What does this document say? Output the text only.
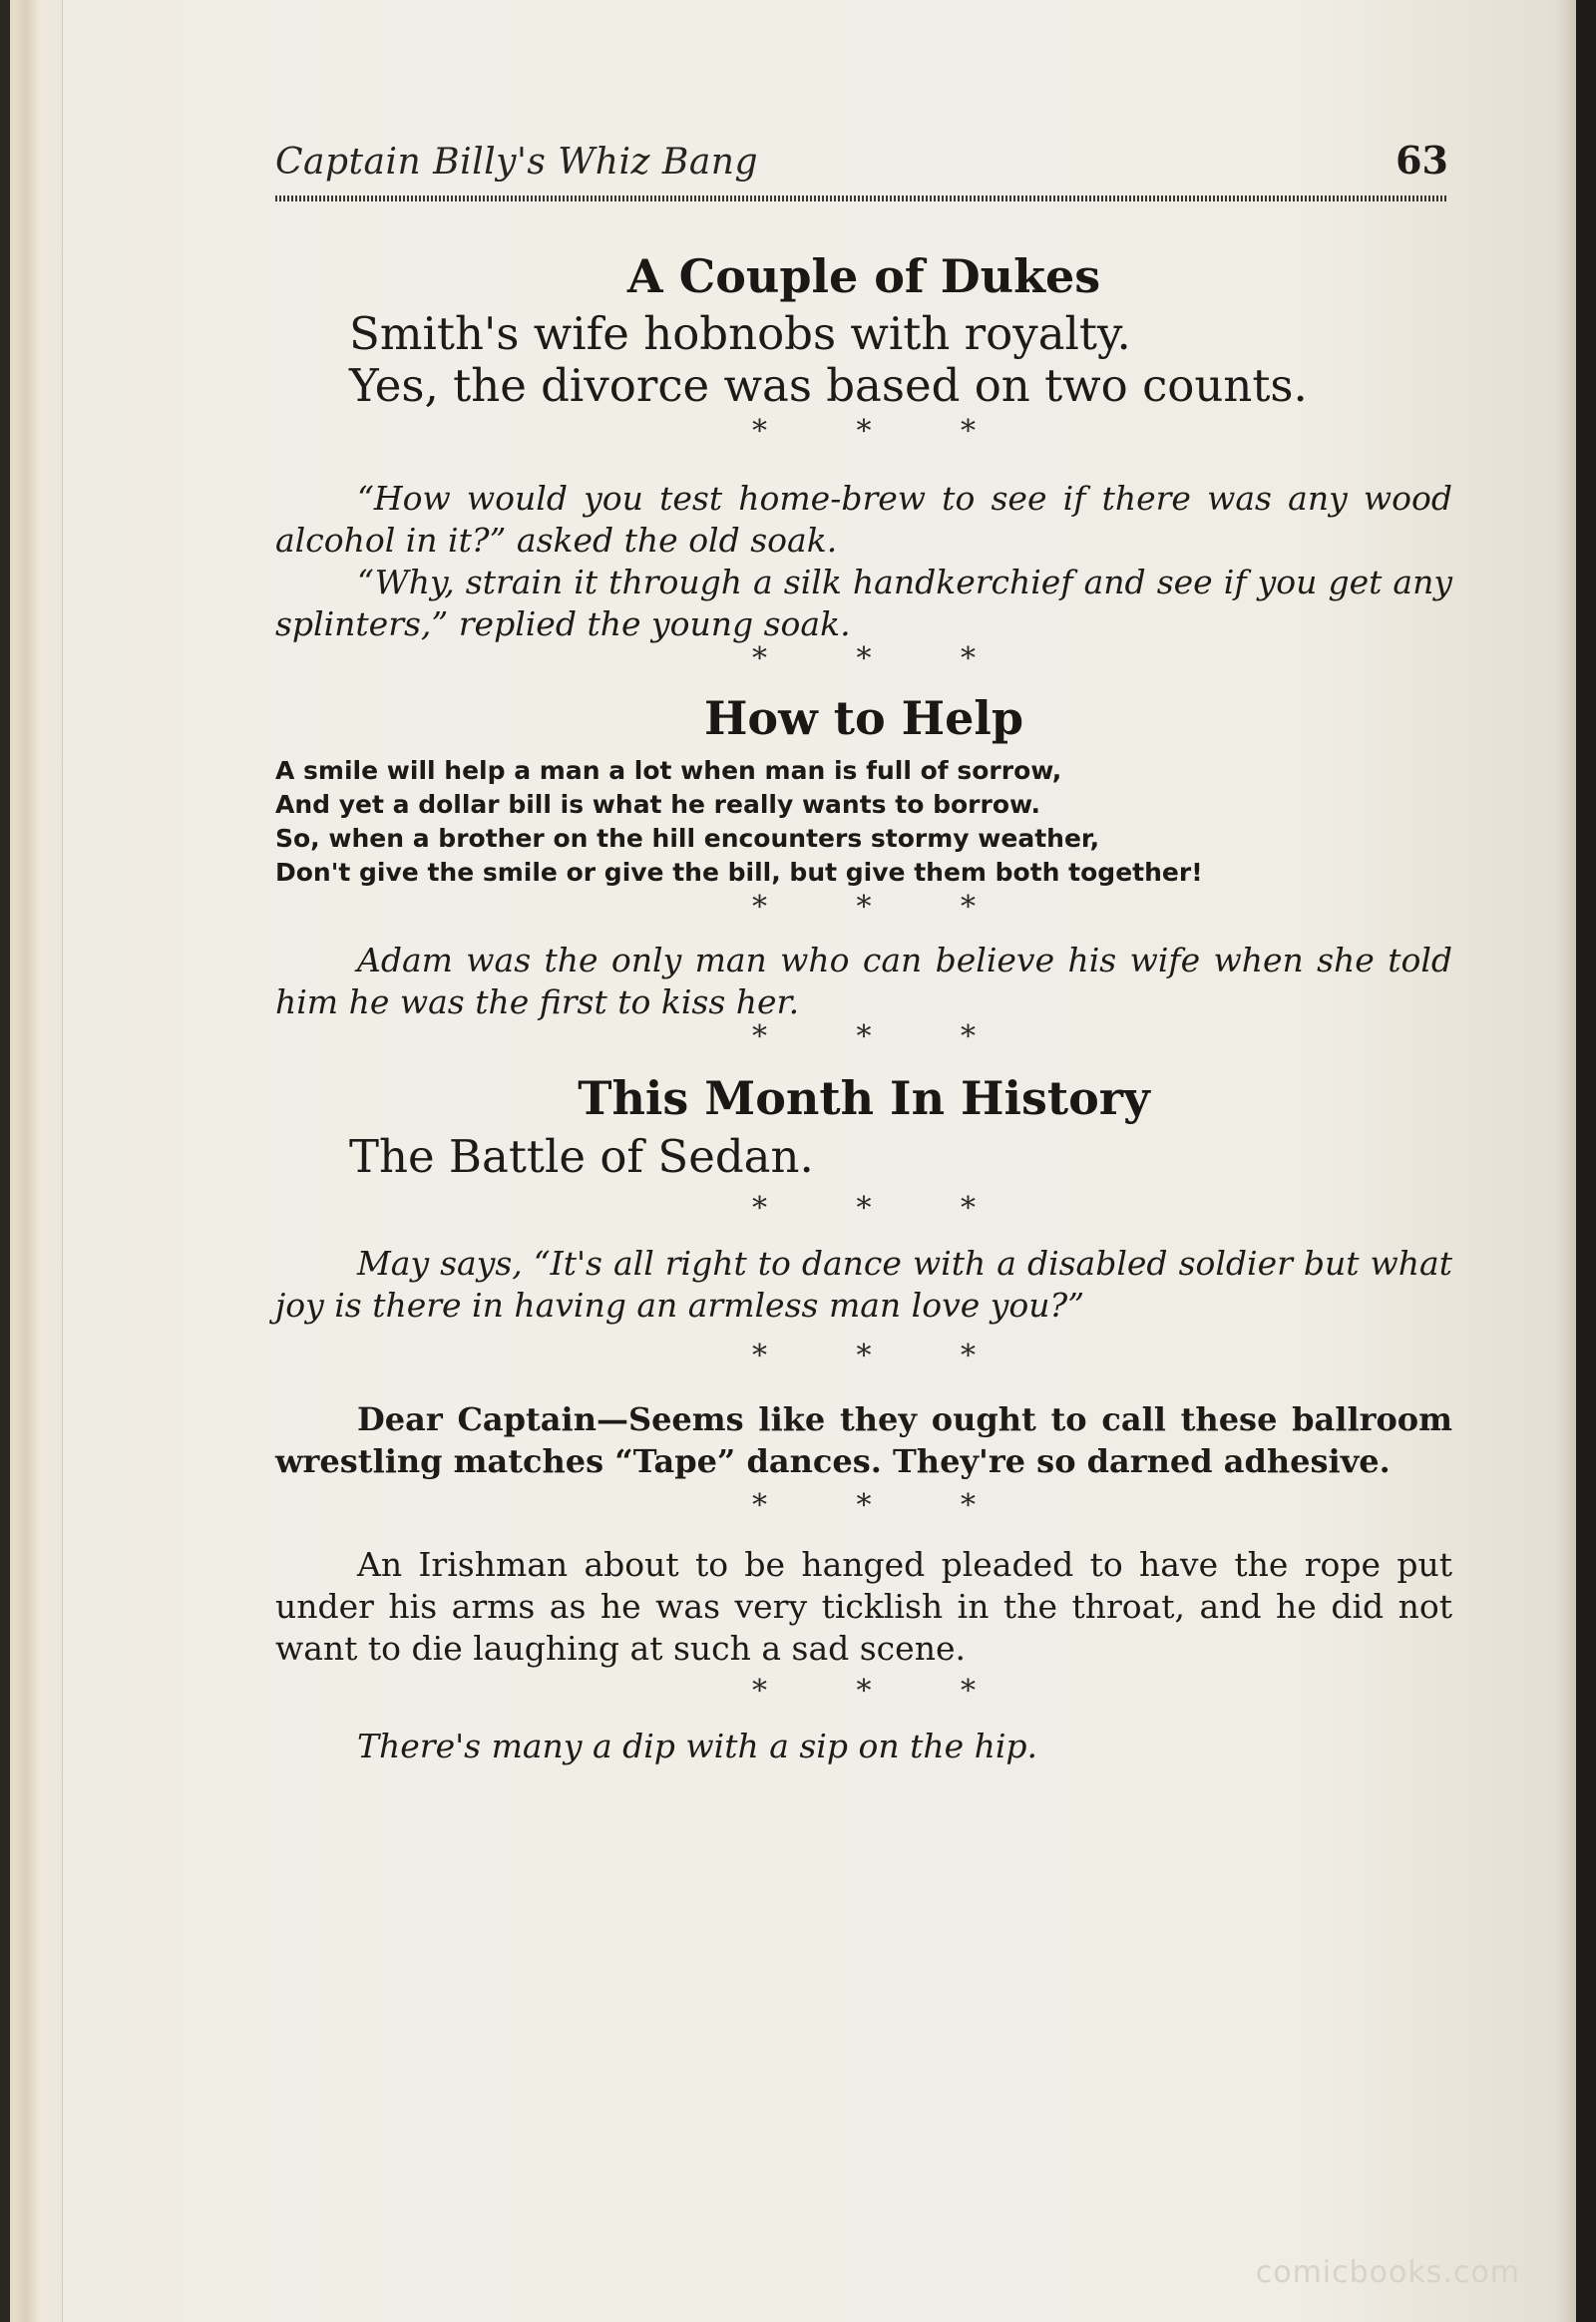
Captain Billy's Whiz Bang	63
A Couple of Dukes

Smith's wife hobnobs with royalty.

Yes, the divorce was based on two counts.

* * *

“How would you test home-brew to see if there was any wood alcohol in it?” asked the old soak.

“Why, strain it through a silk handkerchief and see if you get any splinters,” replied the young soak.

* * *

How to Help

A smile will help a man a lot when man is full of sorrow,

And yet a dollar bill is what he really wants to borrow.

So, when a brother on the hill encounters stormy weather,

Don't give the smile or give the bill, but give them both together!

* * *

Adam was the only man who can believe his wife when she told him he was the first to kiss her.

* * *

This Month In History

The Battle of Sedan.

* * *

May says, “It's all right to dance with a disabled soldier but what joy is there in having an armless man love you?”

* * *

Dear Captain—Seems like they ought to call these ballroom wrestling matches “Tape” dances. They're so darned adhesive.

* * *

An Irishman about to be hanged pleaded to have the rope put under his arms as he was very ticklish in the throat, and he did not want to die laughing at such a sad scene.

* * *

There's many a dip with a sip on the hip.

comicbooks.com
